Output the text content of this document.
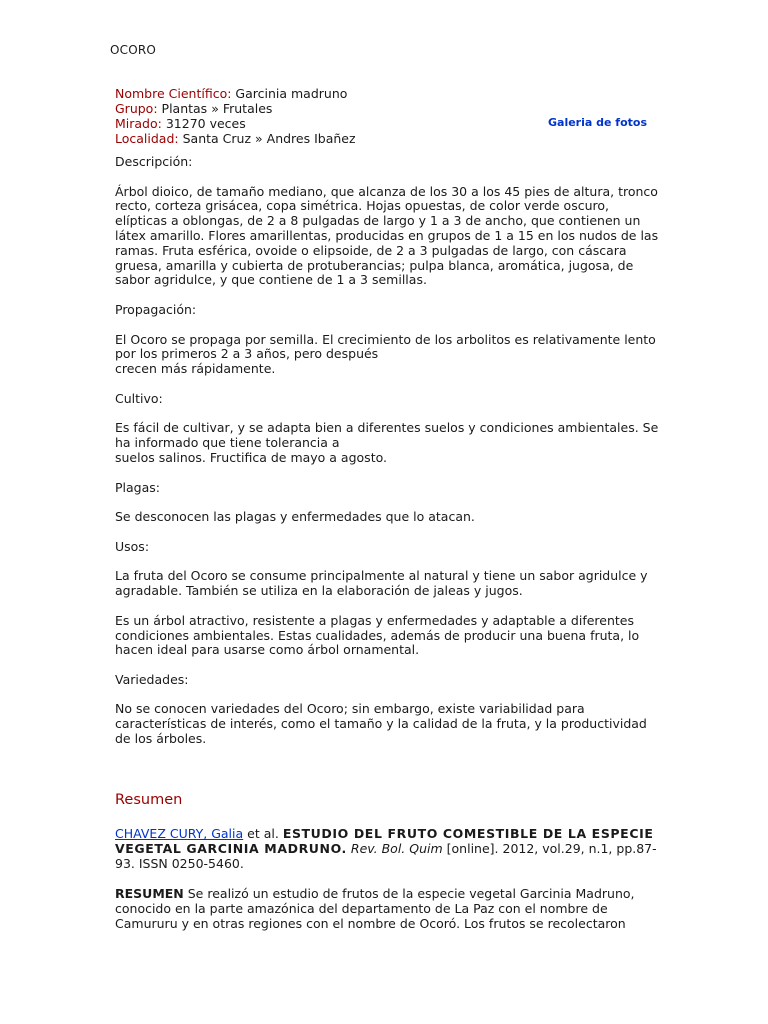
OCORO
Nombre Científico: Garcinia madruno
Grupo: Plantas » Frutales
Mirado: 31270 veces
Localidad: Santa Cruz » Andres Ibañez
Galeria de fotos

Descripción:

Árbol dioico, de tamaño mediano, que alcanza de los 30 a los 45 pies de altura, tronco recto, corteza grisácea, copa simétrica. Hojas opuestas, de color verde oscuro, elípticas a oblongas, de 2 a 8 pulgadas de largo y 1 a 3 de ancho, que contienen un látex amarillo. Flores amarillentas, producidas en grupos de 1 a 15 en los nudos de las ramas. Fruta esférica, ovoide o elipsoide, de 2 a 3 pulgadas de largo, con cáscara gruesa, amarilla y cubierta de protuberancias; pulpa blanca, aromática, jugosa, de sabor agridulce, y que contiene de 1 a 3 semillas.

Propagación:

El Ocoro se propaga por semilla. El crecimiento de los arbolitos es relativamente lento por los primeros 2 a 3 años, pero después
crecen más rápidamente.

Cultivo:

Es fácil de cultivar, y se adapta bien a diferentes suelos y condiciones ambientales. Se ha informado que tiene tolerancia a
suelos salinos. Fructifica de mayo a agosto.

Plagas:

Se desconocen las plagas y enfermedades que lo atacan.

Usos:

La fruta del Ocoro se consume principalmente al natural y tiene un sabor agridulce y agradable. También se utiliza en la elaboración de jaleas y jugos.

Es un árbol atractivo, resistente a plagas y enfermedades y adaptable a diferentes condiciones ambientales. Estas cualidades, además de producir una buena fruta, lo hacen ideal para usarse como árbol ornamental.

Variedades:

No se conocen variedades del Ocoro; sin embargo, existe variabilidad para características de interés, como el tamaño y la calidad de la fruta, y la productividad de los árboles.

Resumen

CHAVEZ CURY, Galia et al. ESTUDIO DEL FRUTO COMESTIBLE DE LA ESPECIE VEGETAL GARCINIA MADRUNO. Rev. Bol. Quim [online]. 2012, vol.29, n.1, pp.87-93. ISSN 0250-5460.

RESUMEN Se realizó un estudio de frutos de la especie vegetal Garcinia Madruno, conocido en la parte amazónica del departamento de La Paz con el nombre de Camururu y en otras regiones con el nombre de Ocoró. Los frutos se recolectaron
